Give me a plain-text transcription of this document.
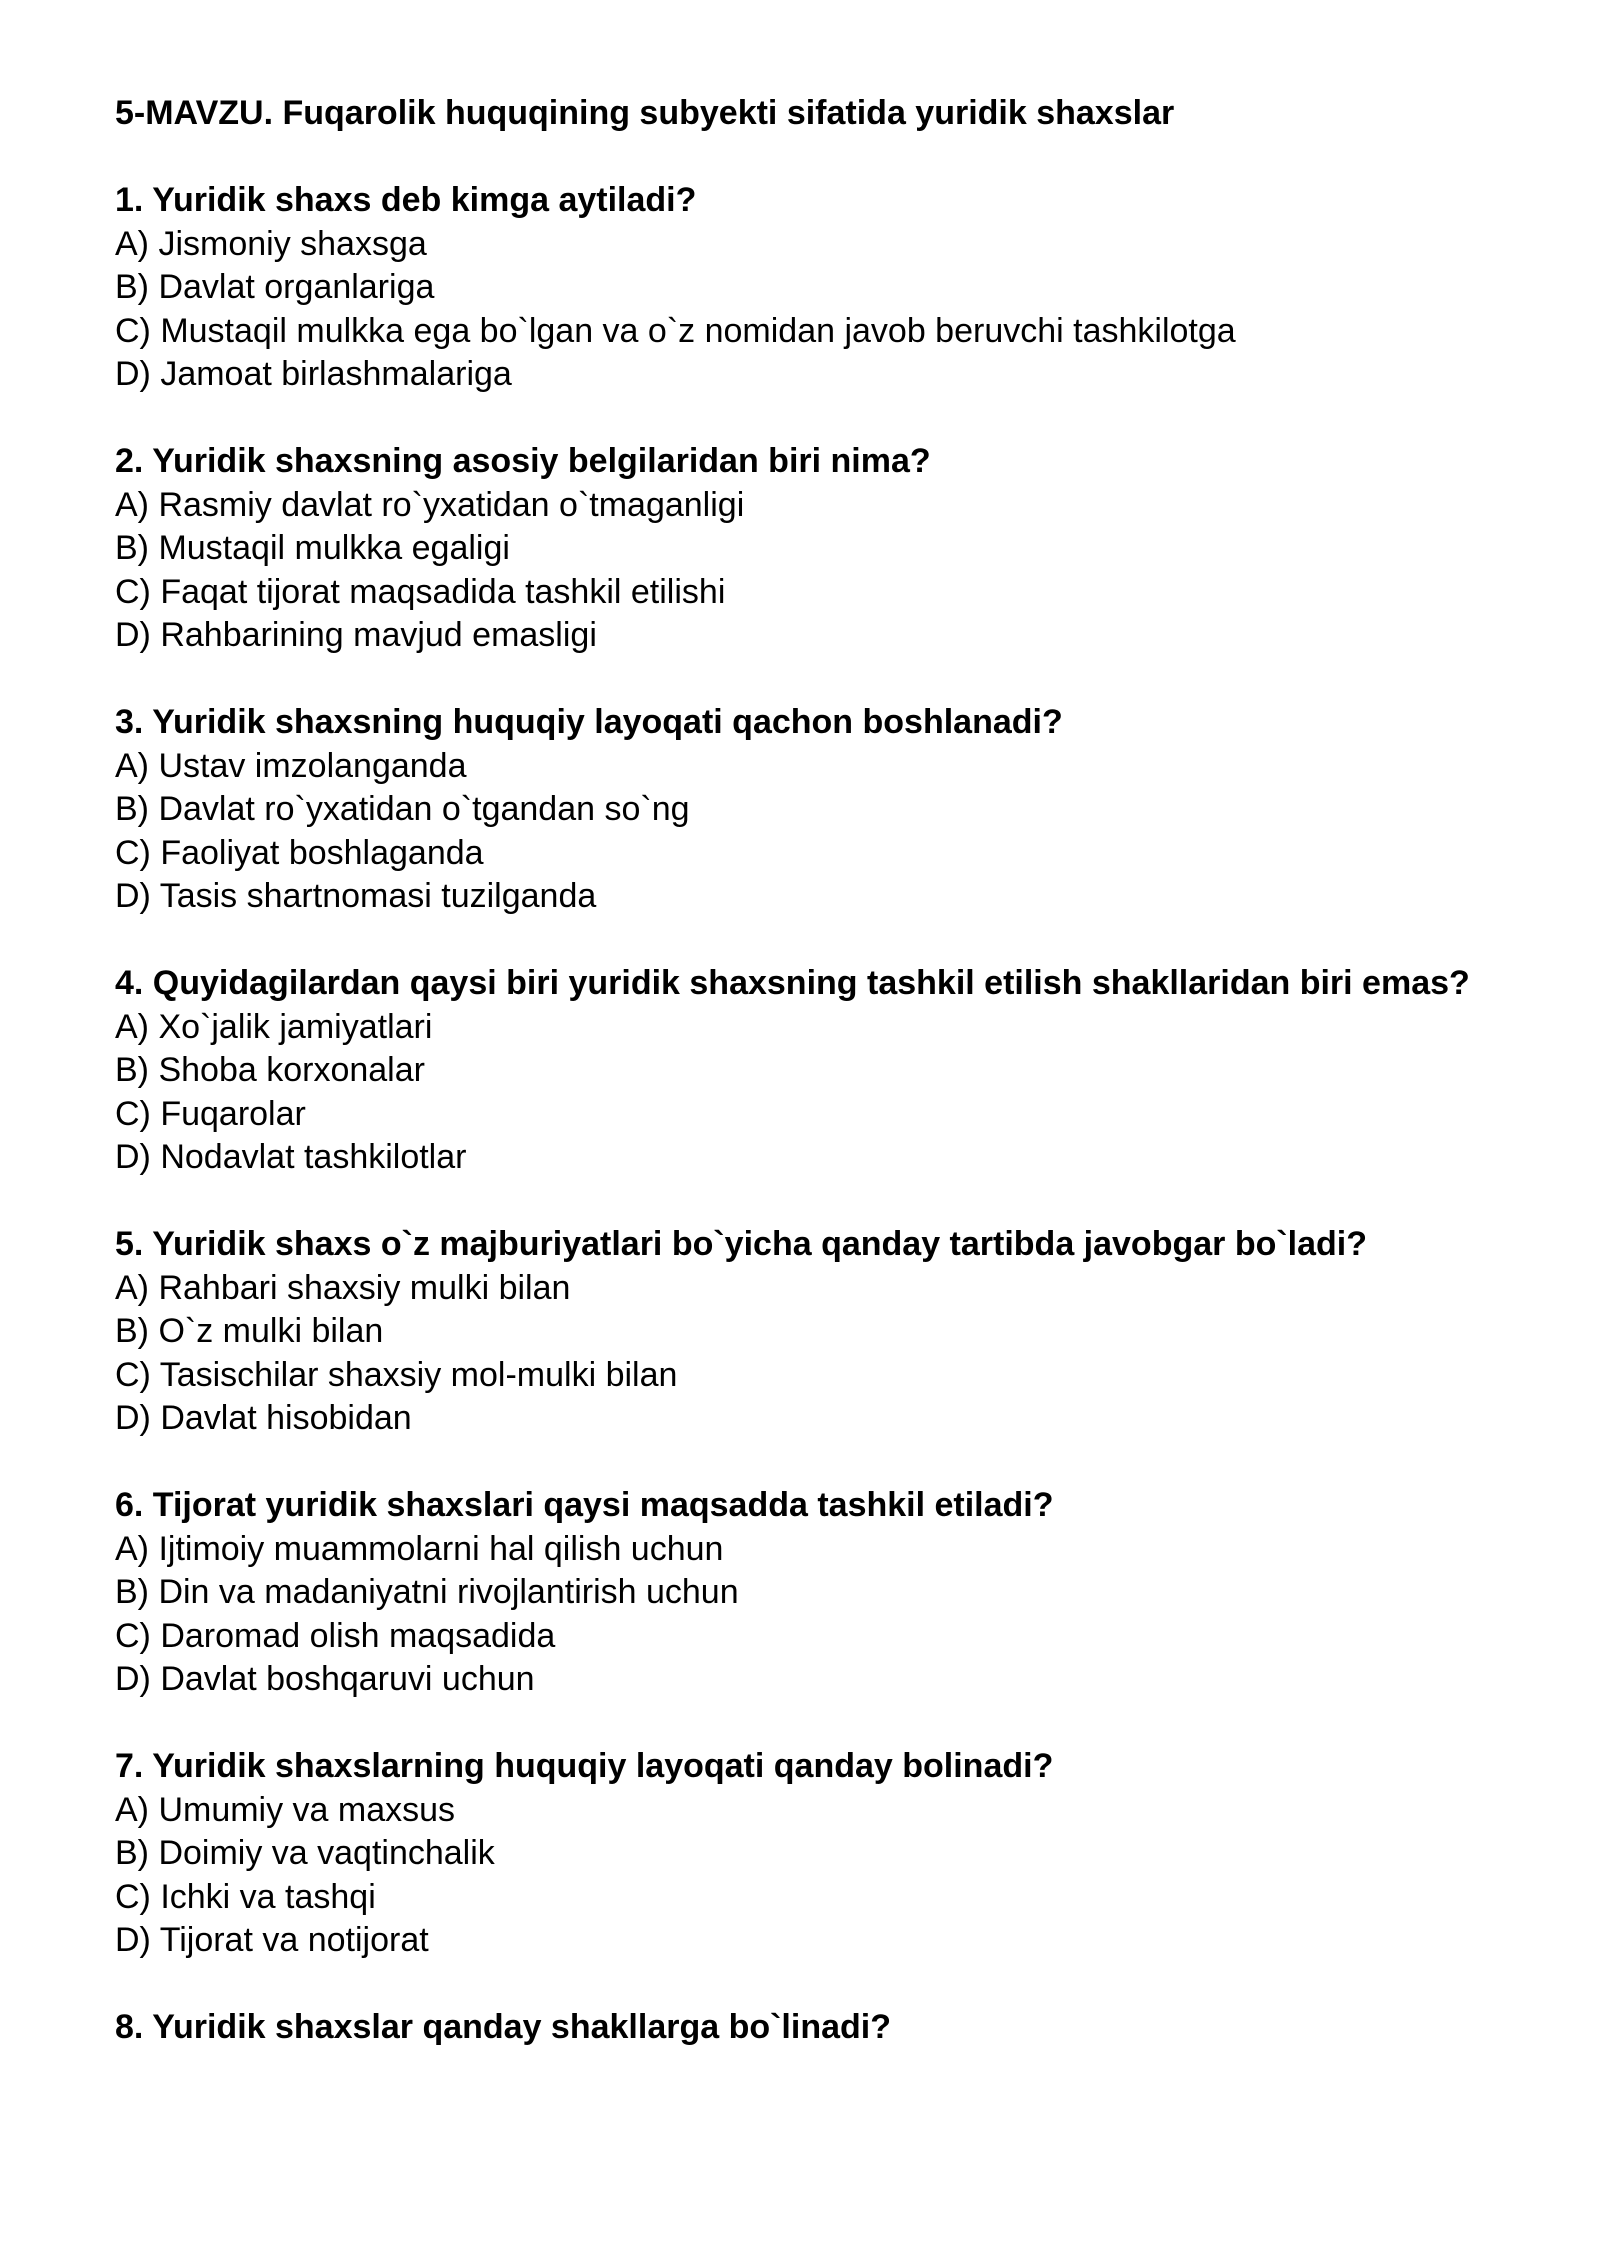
5-MAVZU. Fuqarolik huquqining subyekti sifatida yuridik shaxslar
1. Yuridik shaxs deb kimga aytiladi?
A) Jismoniy shaxsga
B) Davlat organlariga
C) Mustaqil mulkka ega bo`lgan va o`z nomidan javob beruvchi tashkilotga
D) Jamoat birlashmalariga
2. Yuridik shaxsning asosiy belgilaridan biri nima?
A) Rasmiy davlat ro`yxatidan o`tmaganligi
B) Mustaqil mulkka egaligi
C) Faqat tijorat maqsadida tashkil etilishi
D) Rahbarining mavjud emasligi
3. Yuridik shaxsning huquqiy layoqati qachon boshlanadi?
A) Ustav imzolanganda
B) Davlat ro`yxatidan o`tgandan so`ng
C) Faoliyat boshlaganda
D) Tasis shartnomasi tuzilganda
4. Quyidagilardan qaysi biri yuridik shaxsning tashkil etilish shakllaridan biri emas?
A) Xo`jalik jamiyatlari
B) Shoba korxonalar
C) Fuqarolar
D) Nodavlat tashkilotlar
5. Yuridik shaxs o`z majburiyatlari bo`yicha qanday tartibda javobgar bo`ladi?
A) Rahbari shaxsiy mulki bilan
B) O`z mulki bilan
C) Tasischilar shaxsiy mol-mulki bilan
D) Davlat hisobidan
6. Tijorat yuridik shaxslari qaysi maqsadda tashkil etiladi?
A) Ijtimoiy muammolarni hal qilish uchun
B) Din va madaniyatni rivojlantirish uchun
C) Daromad olish maqsadida
D) Davlat boshqaruvi uchun
7. Yuridik shaxslarning huquqiy layoqati qanday bolinadi?
A) Umumiy va maxsus
B) Doimiy va vaqtinchalik
C) Ichki va tashqi
D) Tijorat va notijorat
8. Yuridik shaxslar qanday shakllarga bo`linadi?
